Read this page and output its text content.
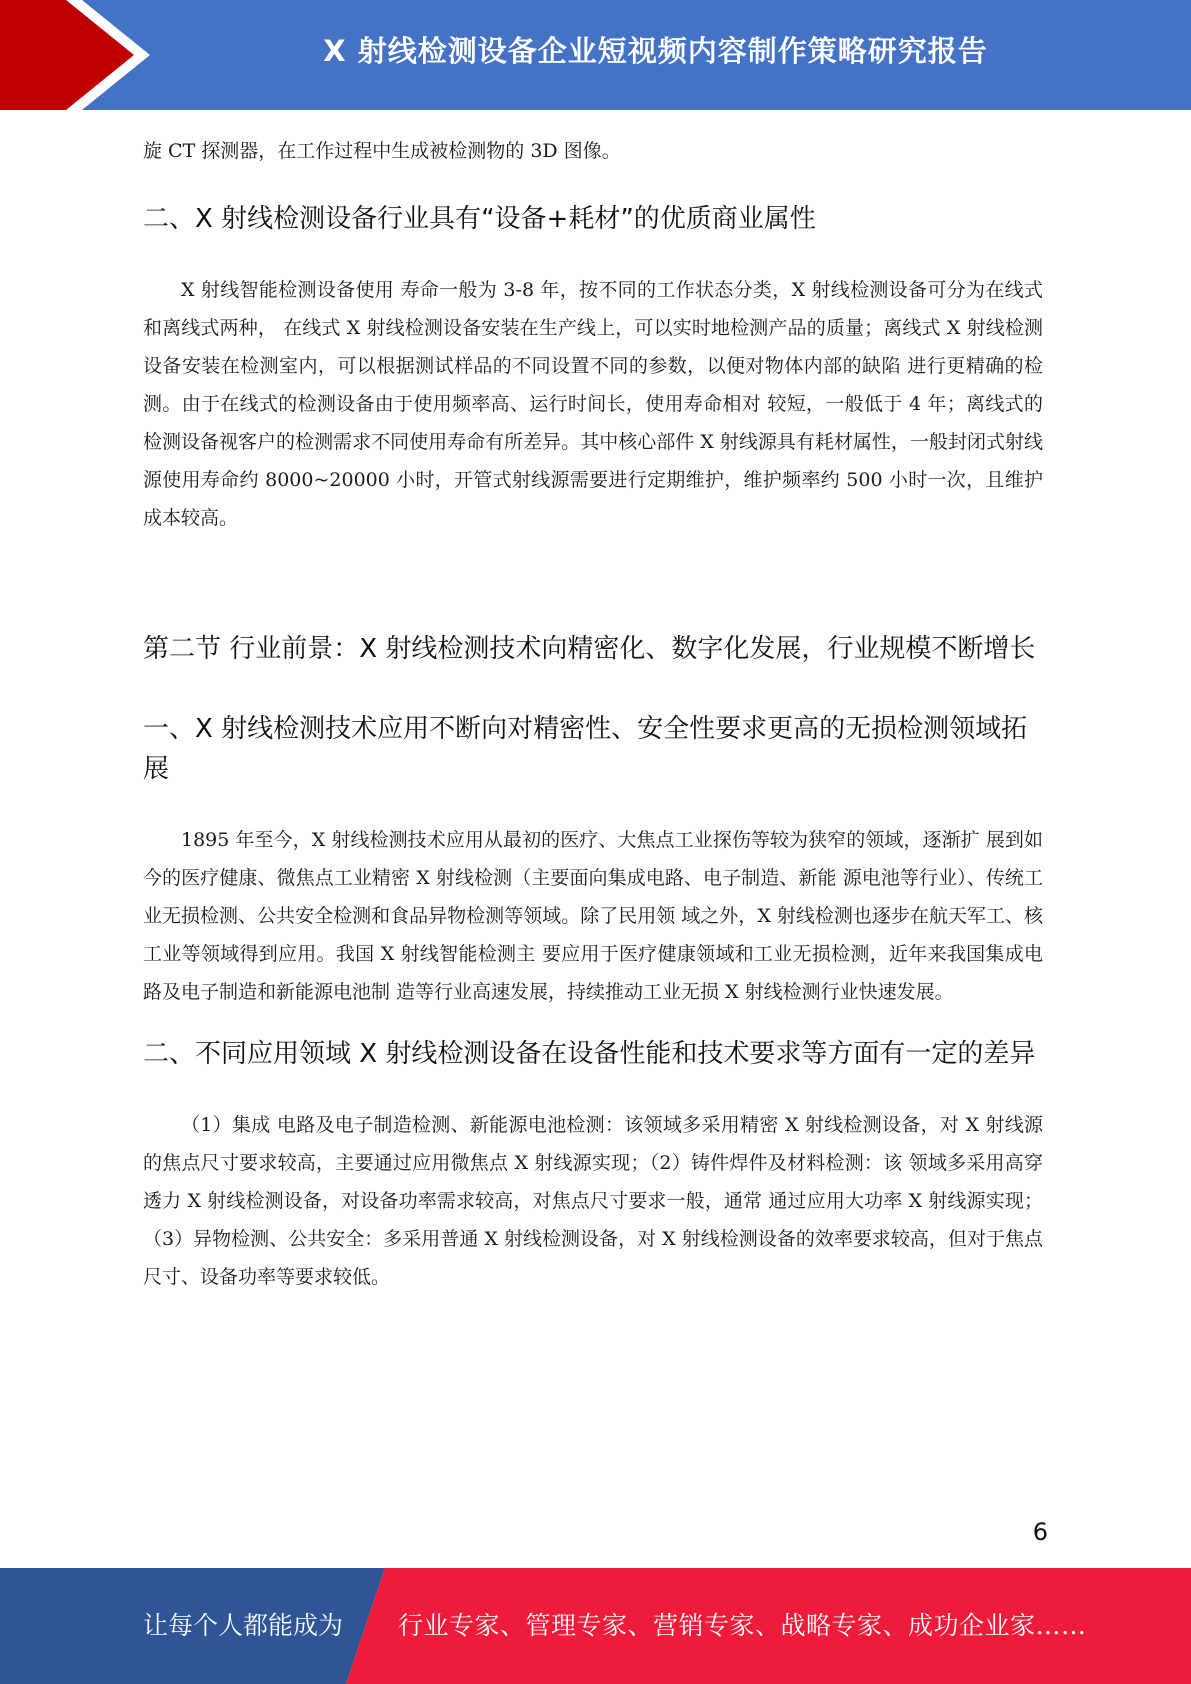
X 射线检测设备企业短视频内容制作策略研究报告

旋 CT 探测器，在工作过程中生成被检测物的 3D 图像。

二、X 射线检测设备行业具有“设备+耗材”的优质商业属性

X 射线智能检测设备使用 寿命一般为 3-8 年，按不同的工作状态分类，X 射线检测设备可分为在线式和离线式两种， 在线式 X 射线检测设备安装在生产线上，可以实时地检测产品的质量；离线式 X 射线检测 设备安装在检测室内，可以根据测试样品的不同设置不同的参数，以便对物体内部的缺陷 进行更精确的检测。由于在线式的检测设备由于使用频率高、运行时间长，使用寿命相对 较短，一般低于 4 年；离线式的检测设备视客户的检测需求不同使用寿命有所差异。其中核心部件 X 射线源具有耗材属性，一般封闭式射线源使用寿命约 8000~20000 小时，开管式射线源需要进行定期维护，维护频率约 500 小时一次，且维护成本较高。

第二节 行业前景：X 射线检测技术向精密化、数字化发展，行业规模不断增长
一、X 射线检测技术应用不断向对精密性、安全性要求更高的无损检测领域拓展

1895 年至今，X 射线检测技术应用从最初的医疗、大焦点工业探伤等较为狭窄的领域，逐渐扩 展到如今的医疗健康、微焦点工业精密 X 射线检测（主要面向集成电路、电子制造、新能 源电池等行业）、传统工业无损检测、公共安全检测和食品异物检测等领域。除了民用领 域之外，X 射线检测也逐步在航天军工、核工业等领域得到应用。我国 X 射线智能检测主 要应用于医疗健康领域和工业无损检测，近年来我国集成电路及电子制造和新能源电池制 造等行业高速发展，持续推动工业无损 X 射线检测行业快速发展。

二、不同应用领域 X 射线检测设备在设备性能和技术要求等方面有一定的差异

（1）集成 电路及电子制造检测、新能源电池检测：该领域多采用精密 X 射线检测设备，对 X 射线源的焦点尺寸要求较高，主要通过应用微焦点 X 射线源实现；（2）铸件焊件及材料检测：该 领域多采用高穿透力 X 射线检测设备，对设备功率需求较高，对焦点尺寸要求一般，通常 通过应用大功率 X 射线源实现；（3）异物检测、公共安全：多采用普通 X 射线检测设备，对 X 射线检测设备的效率要求较高，但对于焦点尺寸、设备功率等要求较低。

6
让每个人都能成为 行业专家、管理专家、营销专家、战略专家、成功企业家……
